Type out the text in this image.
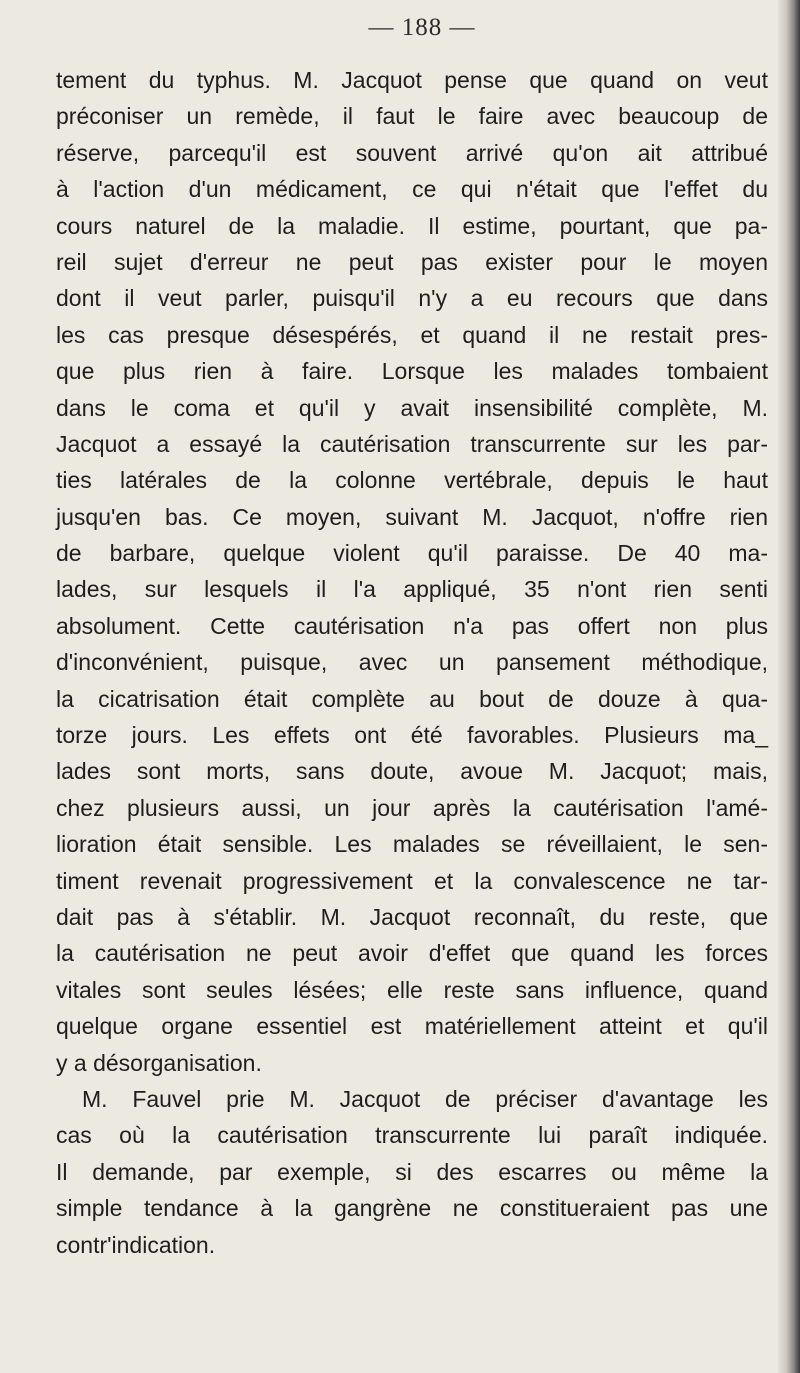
— 188 —
tement du typhus. M. Jacquot pense que quand on veut
préconiser un remède, il faut le faire avec beaucoup de
réserve, parcequ'il est souvent arrivé qu'on ait attribué
à l'action d'un médicament, ce qui n'était que l'effet du
cours naturel de la maladie. Il estime, pourtant, que pa-
reil sujet d'erreur ne peut pas exister pour le moyen
dont il veut parler, puisqu'il n'y a eu recours que dans
les cas presque désespérés, et quand il ne restait pres-
que plus rien à faire. Lorsque les malades tombaient
dans le coma et qu'il y avait insensibilité complète, M.
Jacquot a essayé la cautérisation transcurrente sur les par-
ties latérales de la colonne vertébrale, depuis le haut
jusqu'en bas. Ce moyen, suivant M. Jacquot, n'offre rien
de barbare, quelque violent qu'il paraisse. De 40 ma-
lades, sur lesquels il l'a appliqué, 35 n'ont rien senti
absolument. Cette cautérisation n'a pas offert non plus
d'inconvénient, puisque, avec un pansement méthodique,
la cicatrisation était complète au bout de douze à qua-
torze jours. Les effets ont été favorables. Plusieurs ma_
lades sont morts, sans doute, avoue M. Jacquot; mais,
chez plusieurs aussi, un jour après la cautérisation l'amé-
lioration était sensible. Les malades se réveillaient, le sen-
timent revenait progressivement et la convalescence ne tar-
dait pas à s'établir. M. Jacquot reconnaît, du reste, que
la cautérisation ne peut avoir d'effet que quand les forces
vitales sont seules lésées; elle reste sans influence, quand
quelque organe essentiel est matériellement atteint et qu'il
y a désorganisation.
M. Fauvel prie M. Jacquot de préciser d'avantage les
cas où la cautérisation transcurrente lui paraît indiquée.
Il demande, par exemple, si des escarres ou même la
simple tendance à la gangrène ne constitueraient pas une
contr'indication.
